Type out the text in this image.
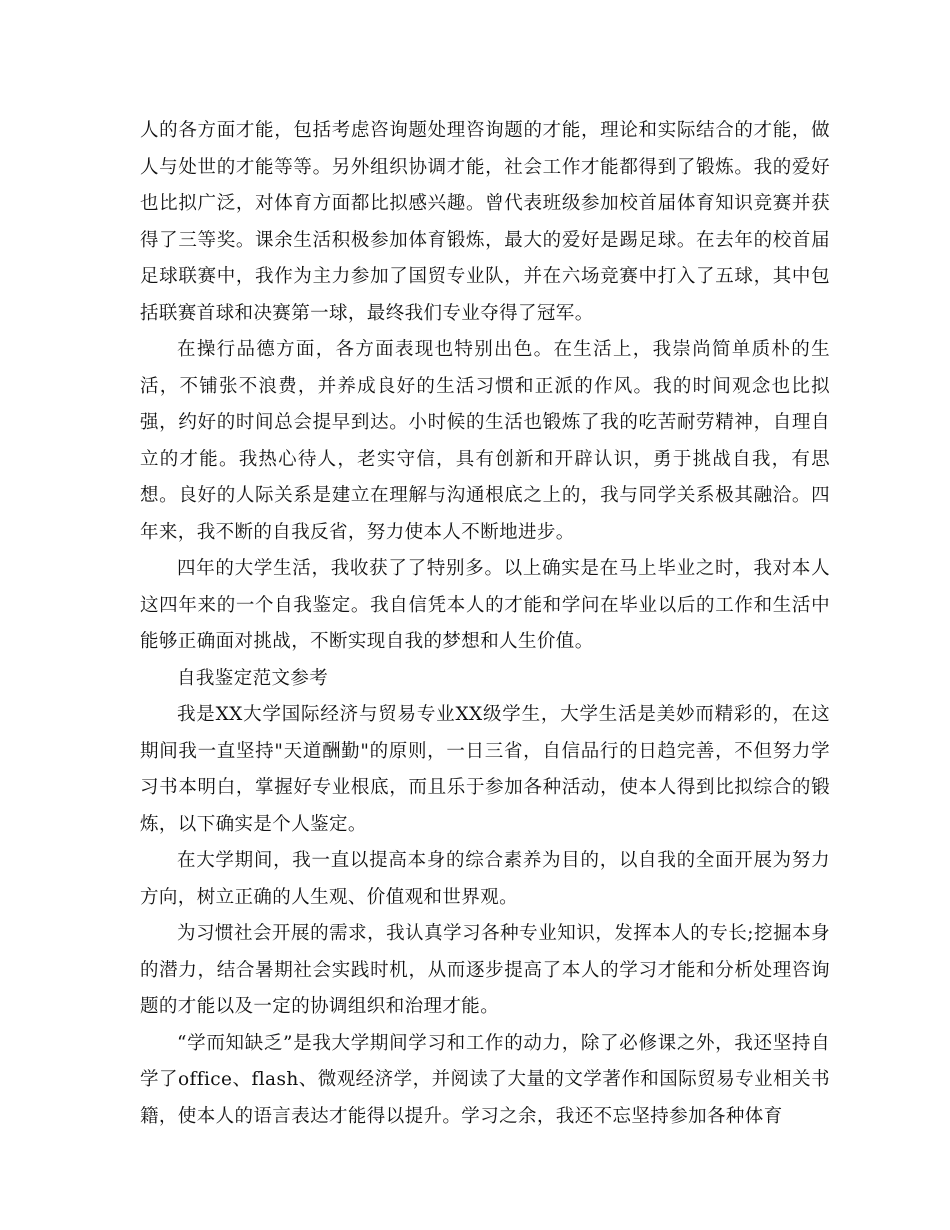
人的各方面才能，包括考虑咨询题处理咨询题的才能，理论和实际结合的才能，做人与处世的才能等等。另外组织协调才能，社会工作才能都得到了锻炼。我的爱好也比拟广泛，对体育方面都比拟感兴趣。曾代表班级参加校首届体育知识竞赛并获得了三等奖。课余生活积极参加体育锻炼，最大的爱好是踢足球。在去年的校首届足球联赛中，我作为主力参加了国贸专业队，并在六场竞赛中打入了五球，其中包括联赛首球和决赛第一球，最终我们专业夺得了冠军。

在操行品德方面，各方面表现也特别出色。在生活上，我崇尚简单质朴的生活，不铺张不浪费，并养成良好的生活习惯和正派的作风。我的时间观念也比拟强，约好的时间总会提早到达。小时候的生活也锻炼了我的吃苦耐劳精神，自理自立的才能。我热心待人，老实守信，具有创新和开辟认识，勇于挑战自我，有思想。良好的人际关系是建立在理解与沟通根底之上的，我与同学关系极其融洽。四年来，我不断的自我反省，努力使本人不断地进步。

四年的大学生活，我收获了了特别多。以上确实是在马上毕业之时，我对本人这四年来的一个自我鉴定。我自信凭本人的才能和学问在毕业以后的工作和生活中能够正确面对挑战，不断实现自我的梦想和人生价值。

自我鉴定范文参考

我是XX大学国际经济与贸易专业XX级学生，大学生活是美妙而精彩的，在这期间我一直坚持"天道酬勤"的原则，一日三省，自信品行的日趋完善，不但努力学习书本明白，掌握好专业根底，而且乐于参加各种活动，使本人得到比拟综合的锻炼，以下确实是个人鉴定。

在大学期间，我一直以提高本身的综合素养为目的，以自我的全面开展为努力方向，树立正确的人生观、价值观和世界观。

为习惯社会开展的需求，我认真学习各种专业知识，发挥本人的专长;挖掘本身的潜力，结合暑期社会实践时机，从而逐步提高了本人的学习才能和分析处理咨询题的才能以及一定的协调组织和治理才能。

“学而知缺乏”是我大学期间学习和工作的动力，除了必修课之外，我还坚持自学了office、flash、微观经济学，并阅读了大量的文学著作和国际贸易专业相关书籍，使本人的语言表达才能得以提升。学习之余，我还不忘坚持参加各种体育
